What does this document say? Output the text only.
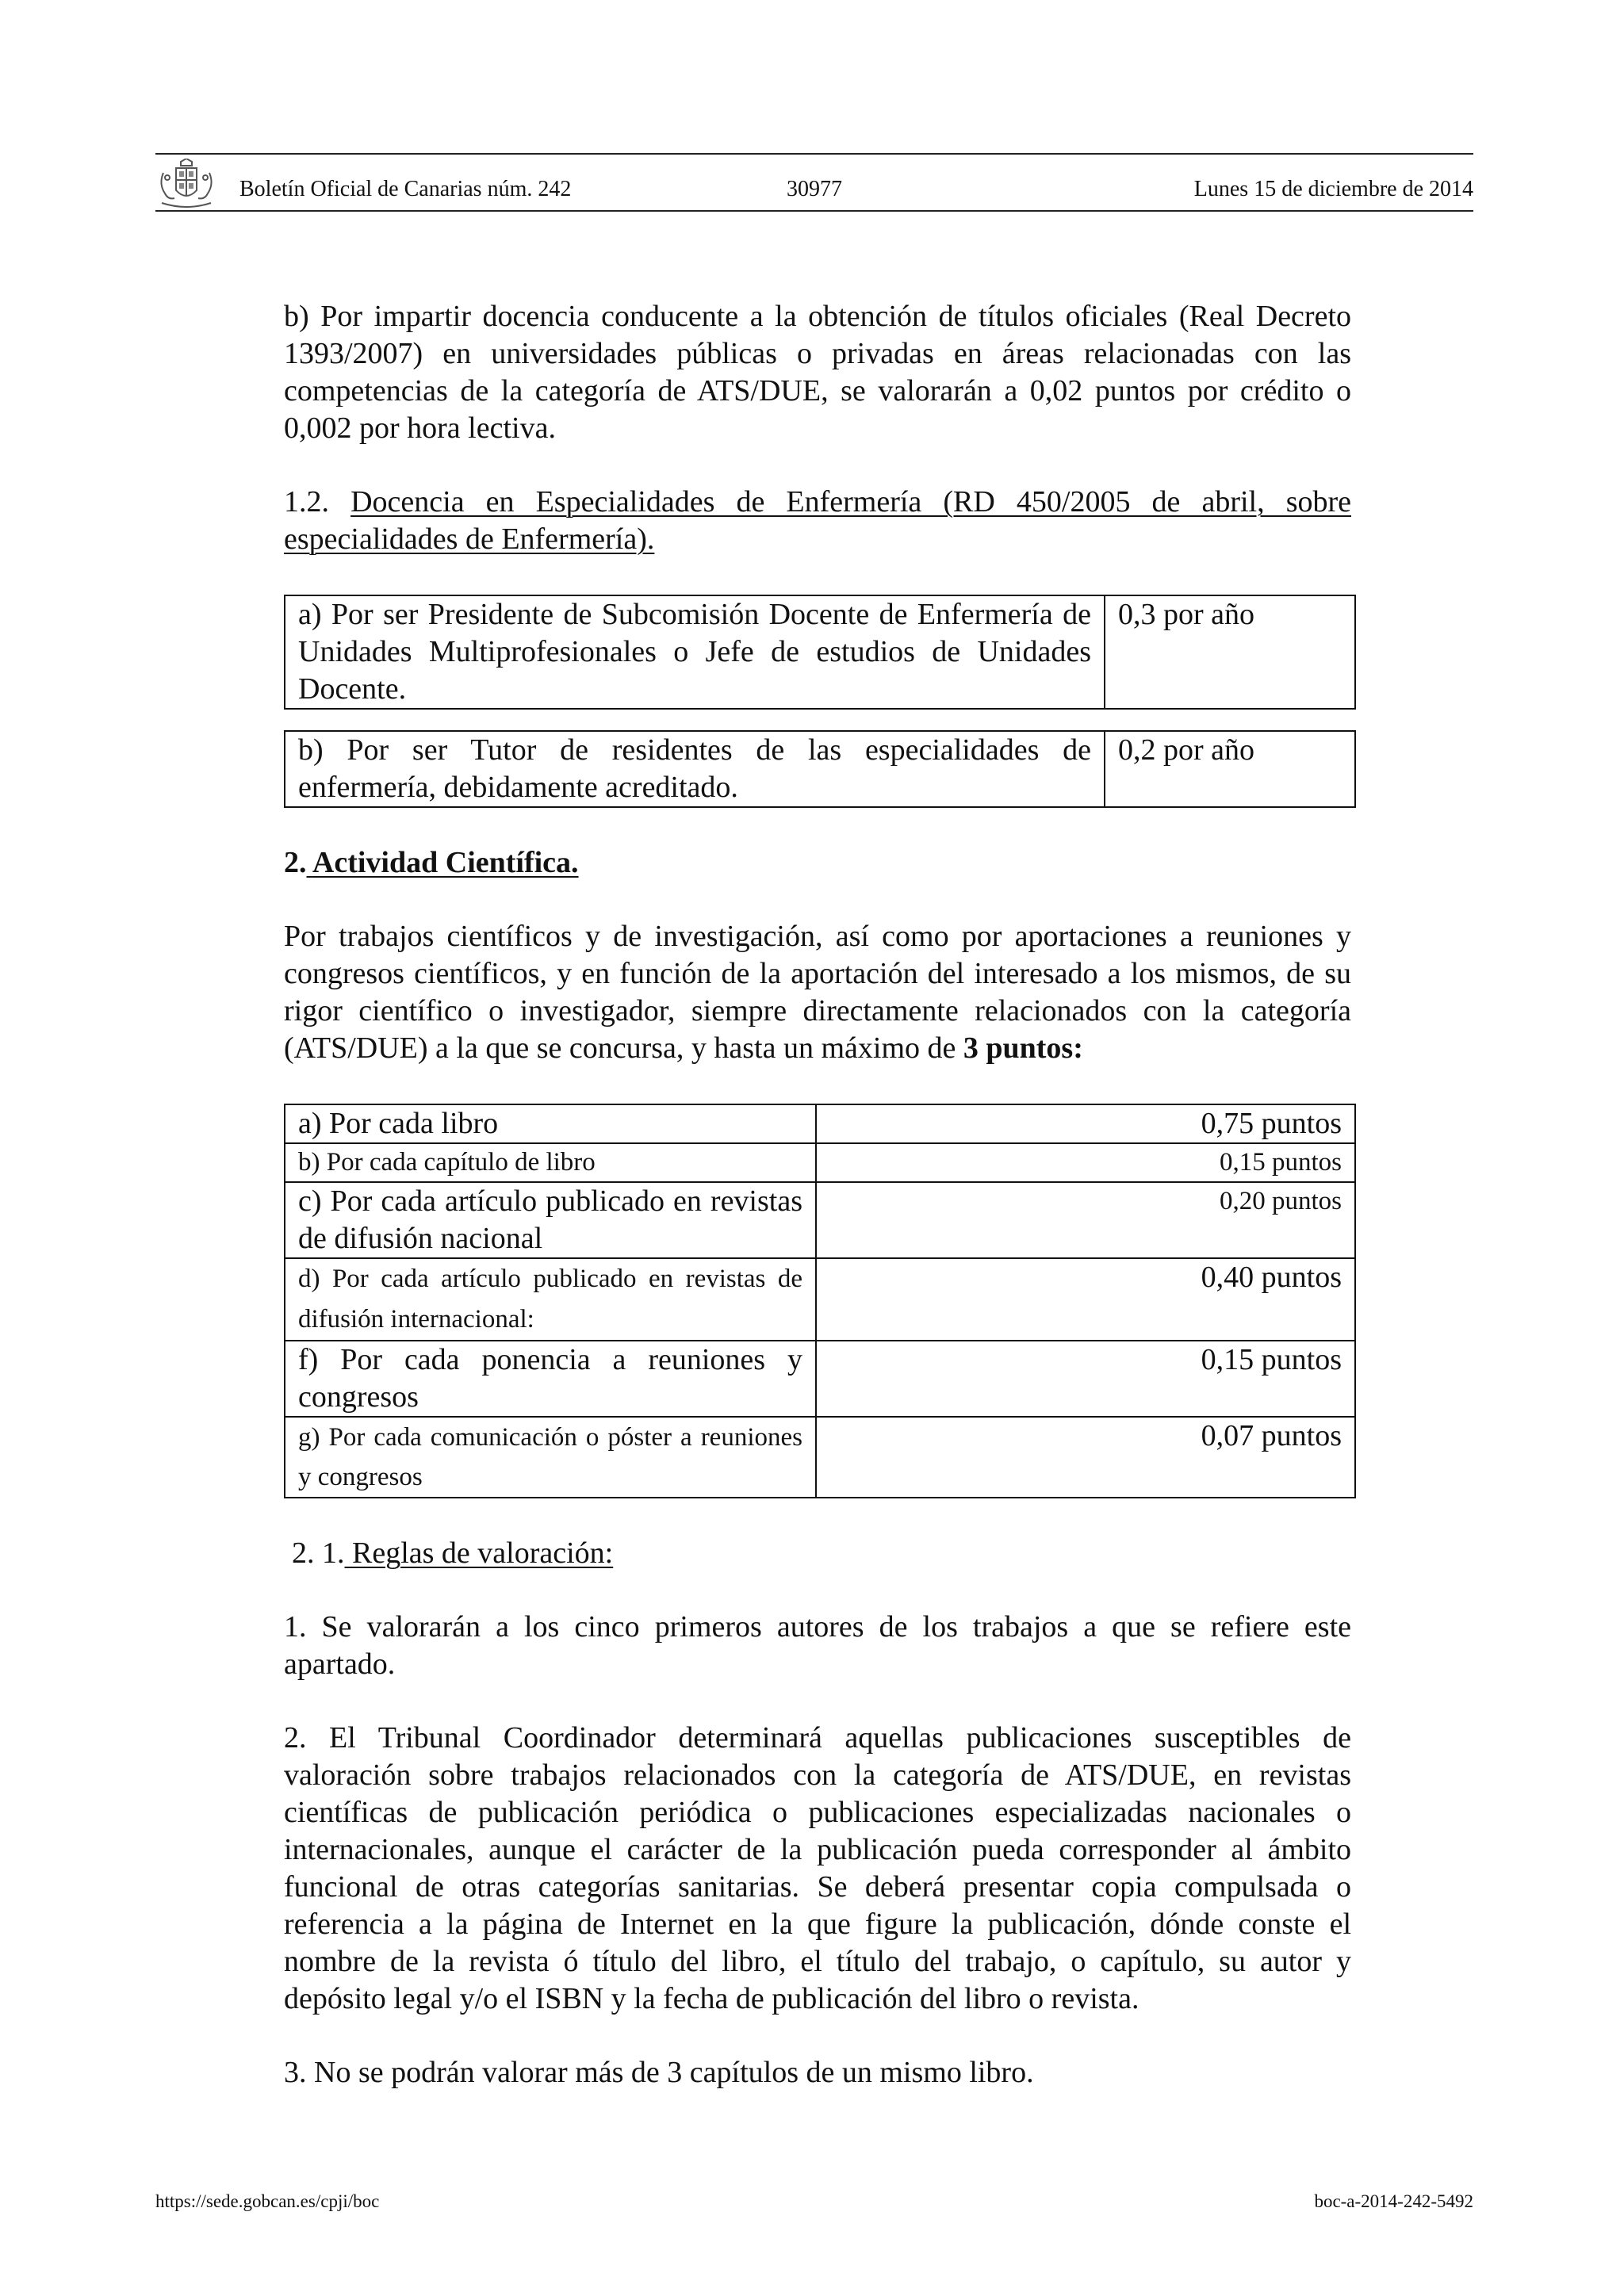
Boletín Oficial de Canarias núm. 242	30977	Lunes 15 de diciembre de 2014

b) Por impartir docencia conducente a la obtención de títulos oficiales (Real Decreto 1393/2007) en universidades públicas o privadas en áreas relacionadas con las competencias de la categoría de ATS/DUE, se valorarán a 0,02 puntos por crédito o 0,002 por hora lectiva.

1.2. Docencia en Especialidades de Enfermería (RD 450/2005 de abril, sobre especialidades de Enfermería).

a) Por ser Presidente de Subcomisión Docente de Enfermería de Unidades Multiprofesionales o Jefe de estudios de Unidades Docente.	0,3 por año
b) Por ser Tutor de residentes de las especialidades de enfermería, debidamente acreditado.	0,2 por año

2. Actividad Científica.

Por trabajos científicos y de investigación, así como por aportaciones a reuniones y congresos científicos, y en función de la aportación del interesado a los mismos, de su rigor científico o investigador, siempre directamente relacionados con la categoría (ATS/DUE) a la que se concursa, y hasta un máximo de 3 puntos:

a) Por cada libro	0,75 puntos
b) Por cada capítulo de libro	0,15 puntos
c) Por cada artículo publicado en revistas de difusión nacional	0,20 puntos
d) Por cada artículo publicado en revistas de difusión internacional:	0,40 puntos
f) Por cada ponencia a reuniones y congresos	0,15 puntos
g) Por cada comunicación o póster a reuniones y congresos	0,07 puntos

2. 1. Reglas de valoración:

1. Se valorarán a los cinco primeros autores de los trabajos a que se refiere este apartado.

2. El Tribunal Coordinador determinará aquellas publicaciones susceptibles de valoración sobre trabajos relacionados con la categoría de ATS/DUE, en revistas científicas de publicación periódica o publicaciones especializadas nacionales o internacionales, aunque el carácter de la publicación pueda corresponder al ámbito funcional de otras categorías sanitarias. Se deberá presentar copia compulsada o referencia a la página de Internet en la que figure la publicación, dónde conste el nombre de la revista ó título del libro, el título del trabajo, o capítulo, su autor y depósito legal y/o el ISBN y la fecha de publicación del libro o revista.

3. No se podrán valorar más de 3 capítulos de un mismo libro.

https://sede.gobcan.es/cpji/boc	boc-a-2014-242-5492
